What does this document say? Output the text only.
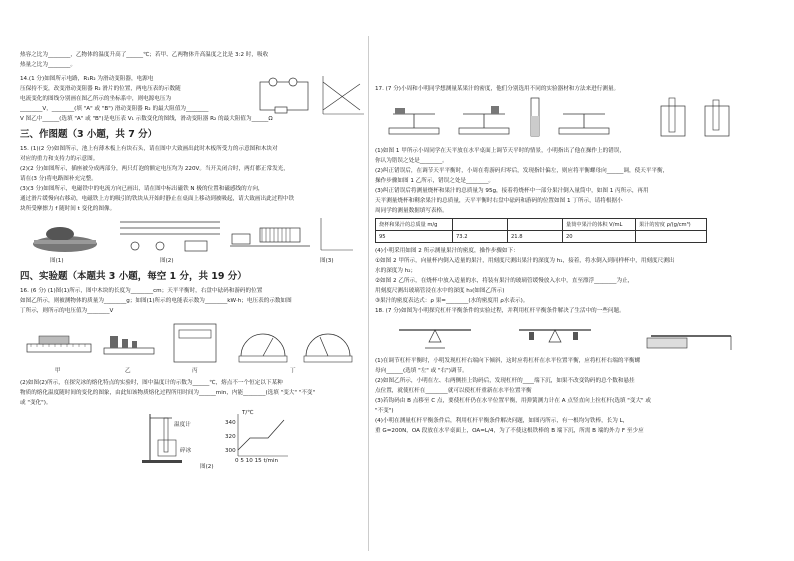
热容之比为________，乙物体的温度升高了______℃；若甲、乙两物体升高温度之比是 3:2 时，吸收
热量之比为________。
14.(1 分)如图所示电路，R₁R₂ 为滑动变阻器，电源电
压保持不变，改变滑动变阻器 R₂ 滑片的位置，两电压表的示数随
电流变化的图线分别画在图乙所示的坐标系中，则电源电压为
________V，________(填 "A" 或 "B") 滑动变阻器 R₂ 的最大阻值为________
V 图乙中______(选填 "A" 或 "B")是电压表 V₁ 示数变化的图线，滑动变阻器 R₂ 的最大阻值为______Ω
三、作图题（3 小题，共 7 分）
15. (1)(2 分)如图所示，池上有薄木板上有块石头，请在图中大致画出此时木板所受力的示意图和木块对
对应的重力和支持力的示意图。
(2)(2 分)如图所示，插座被分成两部分，两只灯泡的额定电压均为 220V。当开关闭合时，两灯都正常发光，
请在(3 分)将电路图补充完整。
(3)(3 分)如图所示，电磁铁中的电流方向已画出，请在图中标出磁铁 N 极的位置和磁感线的方向，
通过滑片缓慢向右移动，电磁铁上方的吸引的铁块从开始时静止在桌面上移动到被吸起，请大致画出此过程中铁
块所受摩擦力 f 随时间 t 变化的图像。
图(1)	图(2)	图(3)
四、实验题（本题共 3 小题，每空 1 分，共 19 分）
16. (6 分) (1)图(1)所示，图中木块的长度为________cm；天平平衡时，右盘中砝码和游码的位置
如图乙所示，则被测物体的质量为________g；如图(1)所示的电能表示数为________kW·h；电压表的示数如图
丁所示，则所示的电压值为________V
甲	乙	丙	丁
(2)如图(2)所示，在探究冰的熔化特点的实验时，图中温度计的示数为______℃，熔点不一个恒定以下某种
物质的熔化温度随时间的变化的图象，由此知该物质熔化过程所用时间为______min，内能________(选填 "变大" "不变"
或 "变化")。
温度计
碎冰
T/℃
340
320
300
0 5 10 15 t/min
图(2)
17. (7 分)小周和小明同学想测量某果汁的密度，他们分别选用不同的实验器材和方法来进行测量。
(1)如图 1 甲所示小周同学在天平放在水平桌面上调节天平时的情景，小明指出了他在操作上的错误，
你认为错误之处是________。
(2)纠正错误后，在调节天平平衡时，小周在将游码归零后，发现指针偏左，则应将平衡螺母向______调，使天平平衡，
操作步骤如图 1 乙所示，错误之处是________。
(3)纠正错误后将测量烧杯和果汁的总质量为 95g，接着将烧杯中一部分果汁倒入量筒中，如图 1 丙所示，再用
天平测量烧杯和剩余果汁的总质量，天平平衡时右盘中砝码和游码的位置如图 1 丁所示，请将根据小
周同学的测量数据填写表格。
烧杯和果汁的总质量 m/g			量筒中果汁的体积 V/mL	果汁的密度 ρ/(g/cm³)
95	73.2	21.8	20	
(4)小明采用如图 2 所示测量果汁的密度，操作步骤如下：
①如图 2 甲所示，向量杯内倒入适量的果汁，用刻度尺测出果汁的深度为 h₁，接着，将水倒入到同样杯中，用刻度尺测出
水的深度为 h₂；
②如图 2 乙所示，在烧杯中放入适量的水，将装有果汁的玻璃管缓慢放入水中，直至漂浮________为止，
用刻度尺测出玻璃管浸在水中的深度 h₃(如图乙所示)
③果汁的密度表达式：ρ 果=________(水的密度用 ρ水表示)。
18. (7 分)如图为小明探究杠杆平衡条件的实验过程，并利用杠杆平衡条件解决了生活中的一些问题。
(1)在调节杠杆平衡时，小明发现杠杆右端向下倾斜，这时应将杠杆在水平位置平衡，应将杠杆右端的平衡螺
母向______(选填 "左" 或 "右")调节。
(2)如图乙所示，小明在左、右两侧挂上钩码后，发现杠杆的____端下沉，如果不改变钩码的总个数和悬挂
点位置，就使杠杆在________就可以使杠杆重新在水平位置平衡
(3)若钩码由 B 点移至 C 点，要使杠杆仍在水平位置平衡，用弹簧测力计在 A 点竖直向上拉杠杆(选填 "变大" 或
"不变")
(4)小明在测量杠杆平衡条件后，利用杠杆平衡条件解决问题，如图丙所示，有一根均匀铁棒，长为 L，
重 G=200N，OA 段放在水平桌面上，OA=L/4，为了不使这根铁棒的 B 端下沉，所需 B 端的外力 F 至少应
